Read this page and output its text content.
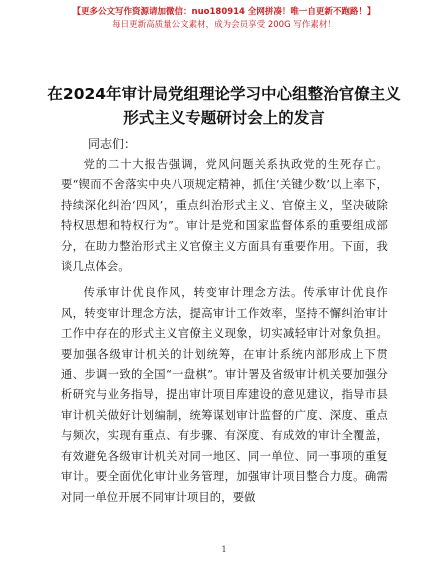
【更多公文写作资源请加微信：nuo180914 全网拼凑！唯一自更新不跑路！】
每日更新高质量公文素材，成为会员享受 200G 写作素材！
在2024年审计局党组理论学习中心组整治官僚主义形式主义专题研讨会上的发言
同志们：

党的二十大报告强调，党风问题关系执政党的生死存亡。要“锲而不舍落实中央八项规定精神，抓住‘关键少数’以上率下，持续深化纠治‘四风’，重点纠治形式主义、官僚主义，坚决破除特权思想和特权行为”。审计是党和国家监督体系的重要组成部分，在助力整治形式主义官僚主义方面具有重要作用。下面，我谈几点体会。

传承审计优良作风，转变审计理念方法。传承审计优良作风，转变审计理念方法，提高审计工作效率，坚持不懈纠治审计工作中存在的形式主义官僚主义现象，切实减轻审计对象负担。要加强各级审计机关的计划统筹，在审计系统内部形成上下贯通、步调一致的全国“一盘棋”。审计署及省级审计机关要加强分析研究与业务指导，提出审计项目库建设的意见建议，指导市县审计机关做好计划编制，统筹谋划审计监督的广度、深度、重点与频次，实现有重点、有步骤、有深度、有成效的审计全覆盖，有效避免各级审计机关对同一地区、同一单位、同一事项的重复审计。要全面优化审计业务管理，加强审计项目整合力度。确需对同一单位开展不同审计项目的，要做

1
